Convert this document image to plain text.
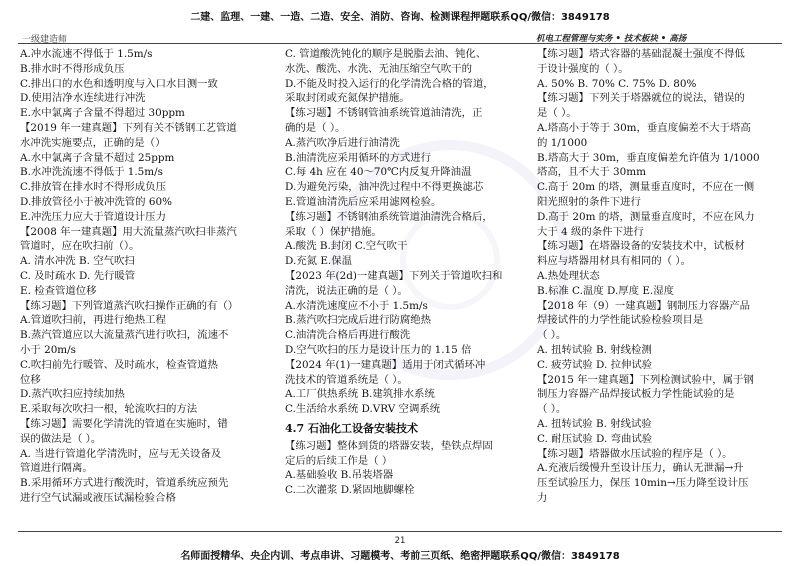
二建、监理、一建、一造、二造、安全、消防、咨询、检测课程押题联系QQ/微信：3849178
一级建造师	机电工程管理与实务 • 技术板块 • 高扬
A.冲水流速不得低于 1.5m/s
B.排水时不得形成负压
C.排出口的水色和透明度与入口水目测一致
D.使用洁净水连续进行冲洗
E.水中氯离子含量不得超过 30ppm
【2019 年一建真题】下列有关不锈钢工艺管道
水冲洗实施要点，正确的是（）
A.水中氯离子含量不超过 25ppm
B.水冲洗流速不得低于 1.5m/s
C.排放管在排水时不得形成负压
D.排放管径小于被冲洗管的 60%
E.冲洗压力应大于管道设计压力
【2008 年一建真题】用大流量蒸汽吹扫非蒸汽
管道时，应在吹扫前（）。
A. 清水冲洗 B. 空气吹扫
C. 及时疏水 D. 先行暖管
E. 检查管道位移
【练习题】下列管道蒸汽吹扫操作正确的有（）
A.管道吹扫前，再进行绝热工程
B.蒸汽管道应以大流量蒸汽进行吹扫，流速不
小于 20m/s
C.吹扫前先行暖管、及时疏水，检查管道热
位移
D.蒸汽吹扫应持续加热
E.采取每次吹扫一根，轮流吹扫的方法
【练习题】需要化学清洗的管道在实施时，错
误的做法是（ ）。
A. 当进行管道化学清洗时，应与无关设备及
管道进行隔离。
B.采用循环方式进行酸洗时，管道系统应预先
进行空气试漏或液压试漏检验合格
C. 管道酸洗钝化的顺序是脱脂去油、钝化、
水洗、酸洗、水洗、无油压缩空气吹干的
D.不能及时投入运行的化学清洗合格的管道，
采取封闭或充氮保护措施。
【练习题】不锈钢管油系统管道油清洗，正
确的是（ ）。
A.蒸汽吹净后进行油清洗
B.油清洗应采用循环的方式进行
C.每 4h 应在 40～70℃内反复升降油温
D.为避免污染，油冲洗过程中不得更换滤芯
E.管道油清洗后应采用滤网检验。
【练习题】不锈钢油系统管道油清洗合格后，
采取（ ）保护措施。
A.酸洗 B.封闭 C.空气吹干
D.充氮 E.保温
【2023 年(2d)一建真题】下列关于管道吹扫和
清洗，说法正确的是（ ）。
A.水清洗速度应不小于 1.5m/s
B.蒸汽吹扫完成后进行防腐绝热
C.油清洗合格后再进行酸洗
D.空气吹扫的压力是设计压力的 1.15 倍
【2024 年(1)一建真题】适用于闭式循环冲
洗技术的管道系统是（ ）。
A.工厂供热系统 B.建筑排水系统
C.生活给水系统 D.VRV 空调系统
4.7 石油化工设备安装技术
【练习题】整体到货的塔器安装，垫铁点焊固
定后的后续工作是（ ）
A.基础验收 B.吊装塔器
C.二次灌浆 D.紧固地脚螺栓
【练习题】塔式容器的基础混凝土强度不得低
于设计强度的（ ）。
A. 50% B. 70% C. 75% D. 80%
【练习题】下列关于塔器就位的说法，错误的
是（ ）。
A.塔高小于等于 30m，垂直度偏差不大于塔高
的 1/1000
B.塔高大于 30m，垂直度偏差允许值为 1/1000
塔高，且不大于 30mm
C.高于 20m 的塔，测量垂直度时，不应在一侧
阳光照射的条件下进行
D.高于 20m 的塔，测量垂直度时，不应在风力
大于 4 级的条件下进行
【练习题】在塔器设备的安装技术中，试板材
料应与塔器用材具有相同的（ ）。
A.热处理状态
B.标准 C.温度 D.厚度 E.湿度
【2018 年（9）一建真题】钢制压力容器产品
焊接试件的力学性能试验检验项目是
（ ）。
A. 扭转试验 B. 射线检测
C. 疲劳试验 D. 拉伸试验
【2015 年一建真题】下列检测试验中，属于钢
制压力容器产品焊接试板力学性能试验的是
（ ）。
A. 扭转试验 B. 射线试验
C. 耐压试验 D. 弯曲试验
【练习题】塔器做水压试验的程序是（ ）。
A.充液后缓慢升至设计压力，确认无泄漏→升
压至试验压力，保压 10min→压力降至设计压
力
21
名师面授精华、央企内训、考点串讲、习题模考、考前三页纸、绝密押题联系QQ/微信：3849178
